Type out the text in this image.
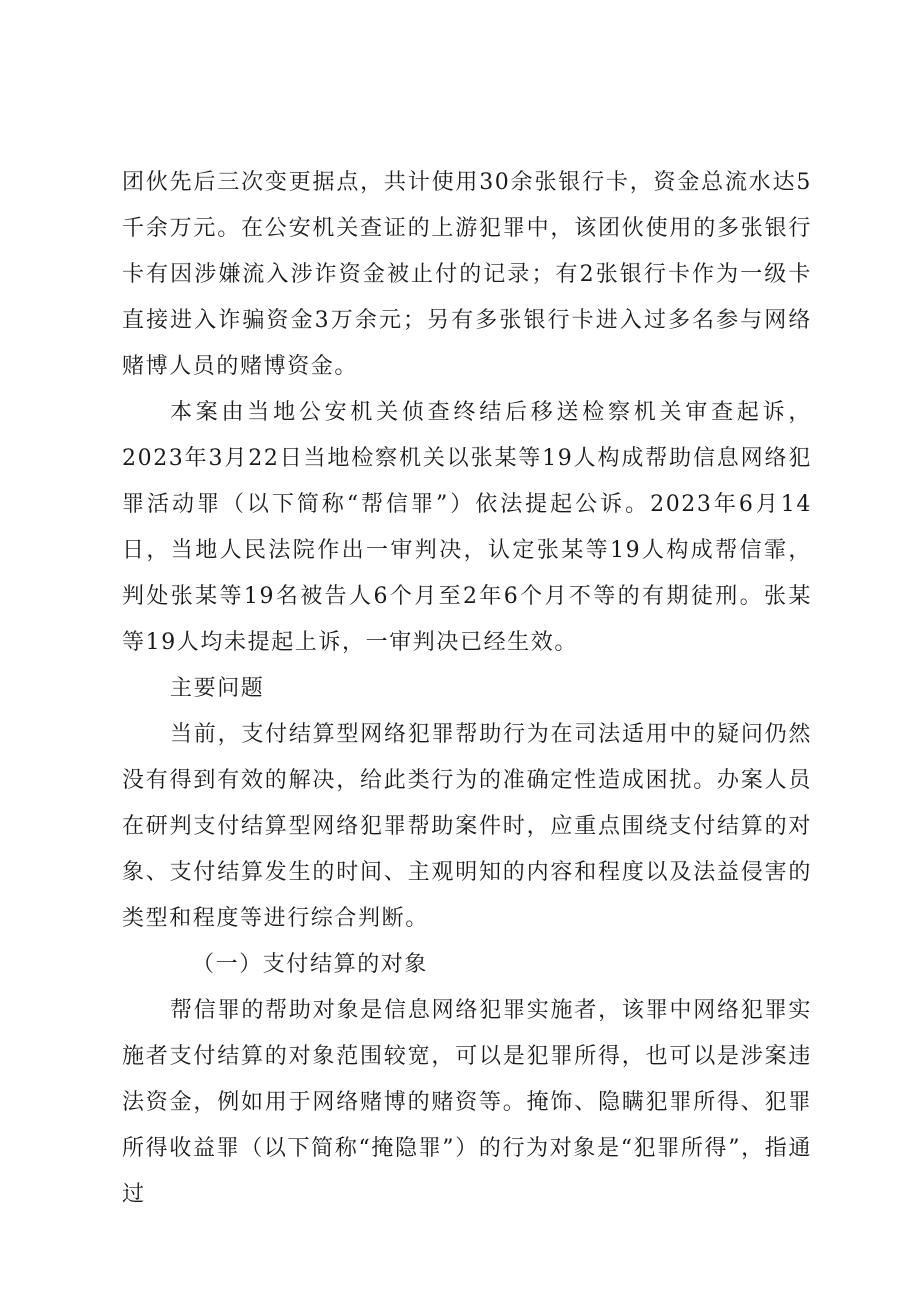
团伙先后三次变更据点，共计使用30余张银行卡，资金总流水达5千余万元。在公安机关查证的上游犯罪中，该团伙使用的多张银行卡有因涉嫌流入涉诈资金被止付的记录；有2张银行卡作为一级卡直接进入诈骗资金3万余元；另有多张银行卡进入过多名参与网络赌博人员的赌博资金。

本案由当地公安机关侦查终结后移送检察机关审查起诉，2023年3月22日当地检察机关以张某等19人构成帮助信息网络犯罪活动罪（以下简称“帮信罪”）依法提起公诉。2023年6月14日，当地人民法院作出一审判决，认定张某等19人构成帮信霏，判处张某等19名被告人6个月至2年6个月不等的有期徒刑。张某等19人均未提起上诉，一审判决已经生效。

主要问题

当前，支付结算型网络犯罪帮助行为在司法适用中的疑问仍然没有得到有效的解决，给此类行为的准确定性造成困扰。办案人员在研判支付结算型网络犯罪帮助案件时，应重点围绕支付结算的对象、支付结算发生的时间、主观明知的内容和程度以及法益侵害的类型和程度等进行综合判断。

（一）支付结算的对象

帮信罪的帮助对象是信息网络犯罪实施者，该罪中网络犯罪实施者支付结算的对象范围较宽，可以是犯罪所得，也可以是涉案违法资金，例如用于网络赌博的赌资等。掩饰、隐瞒犯罪所得、犯罪所得收益罪（以下简称“掩隐罪”）的行为对象是“犯罪所得”，指通过
